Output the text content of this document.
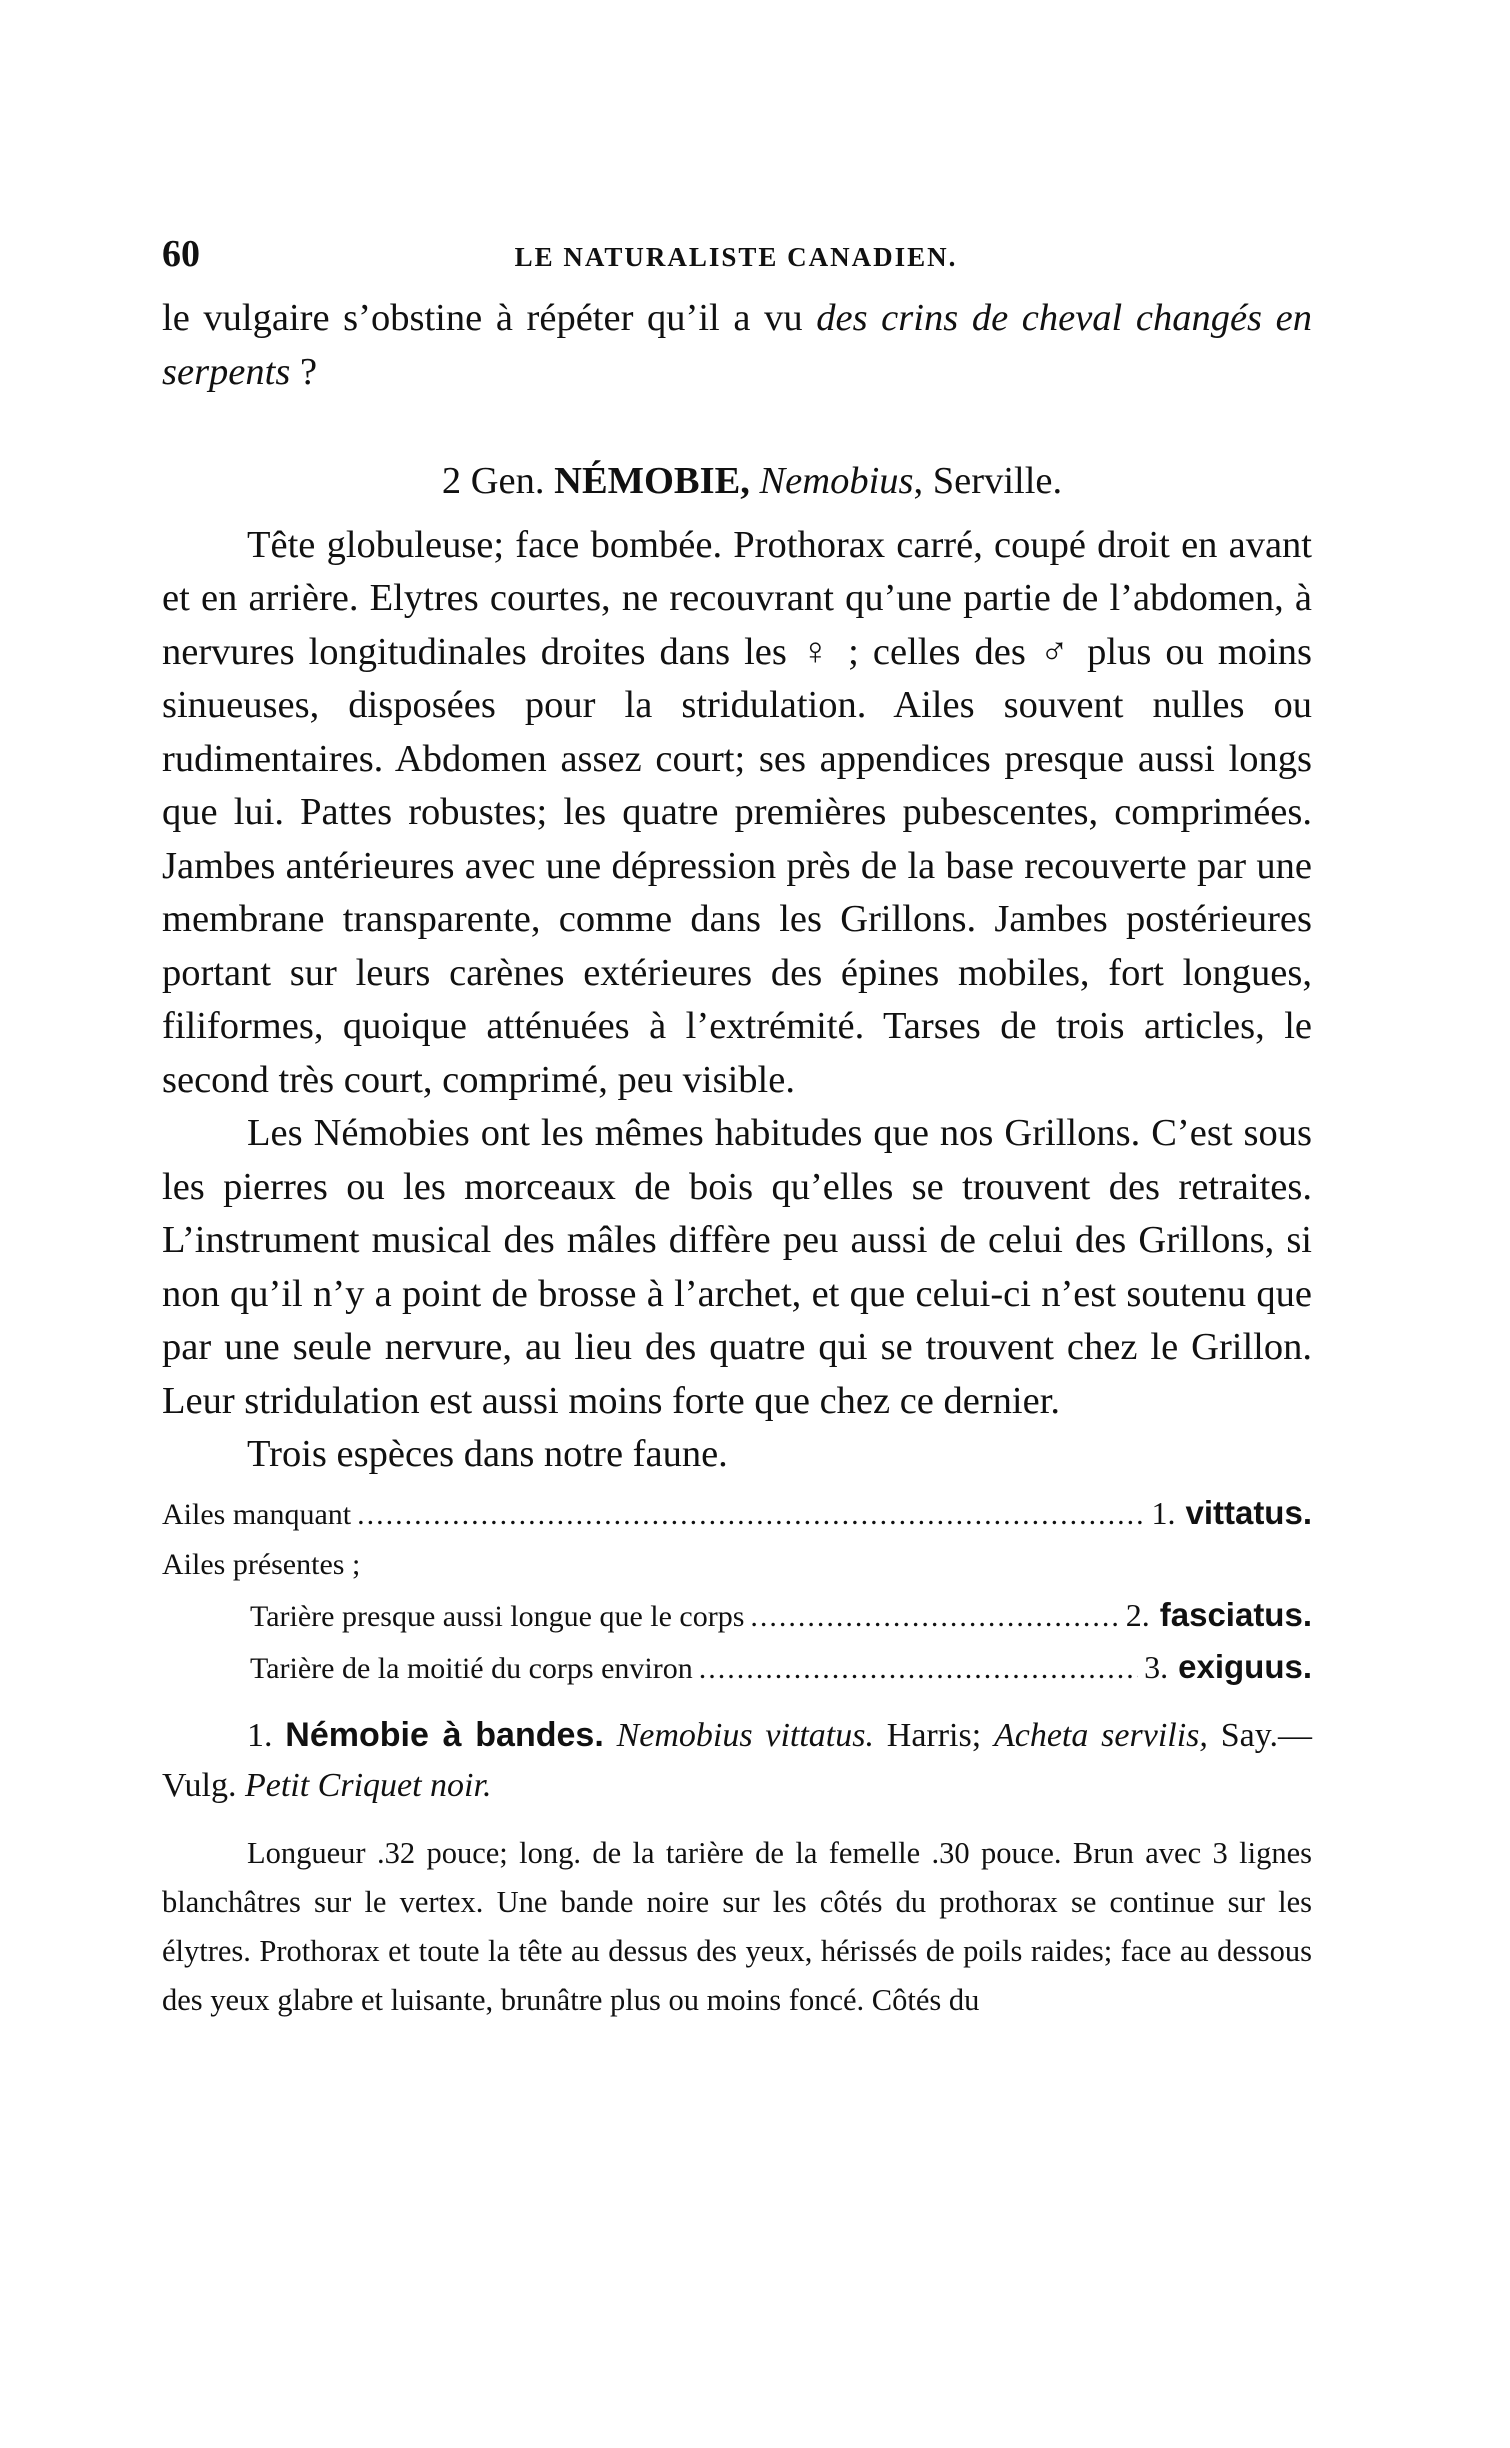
60	LE NATURALISTE CANADIEN.

le vulgaire s’obstine à répéter qu’il a vu des crins de cheval changés en serpents ?

2 Gen. NÉMOBIE, Nemobius, Serville.

Tête globuleuse; face bombée. Prothorax carré, coupé droit en avant et en arrière. Elytres courtes, ne recouvrant qu’une partie de l’abdomen, à nervures longitudinales droites dans les ♀ ; celles des ♂ plus ou moins sinueuses, disposées pour la stridulation. Ailes souvent nulles ou rudimentaires. Abdomen assez court; ses appendices presque aussi longs que lui. Pattes robustes; les quatre premières pubescentes, comprimées. Jambes antérieures avec une dépression près de la base recouverte par une membrane transparente, comme dans les Grillons. Jambes postérieures portant sur leurs carènes extérieures des épines mobiles, fort longues, filiformes, quoique atténuées à l’extrémité. Tarses de trois articles, le second très court, comprimé, peu visible.

Les Némobies ont les mêmes habitudes que nos Grillons. C’est sous les pierres ou les morceaux de bois qu’elles se trouvent des retraites. L’instrument musical des mâles diffère peu aussi de celui des Grillons, si non qu’il n’y a point de brosse à l’archet, et que celui-ci n’est soutenu que par une seule nervure, au lieu des quatre qui se trouvent chez le Grillon. Leur stridulation est aussi moins forte que chez ce dernier.

Trois espèces dans notre faune.

Ailes manquant .....	1. vittatus.
Ailes présentes ;
Tarière presque aussi longue que le corps .....	2. fasciatus.
Tarière de la moitié du corps environ .....	3. exiguus.

1. Némobie à bandes. Nemobius vittatus. Harris; Acheta servilis, Say.—Vulg. Petit Criquet noir.

Longueur .32 pouce; long. de la tarière de la femelle .30 pouce. Brun avec 3 lignes blanchâtres sur le vertex. Une bande noire sur les côtés du prothorax se continue sur les élytres. Prothorax et toute la tête au dessus des yeux, hérissés de poils raides; face au dessous des yeux glabre et luisante, brunâtre plus ou moins foncé. Côtés du
